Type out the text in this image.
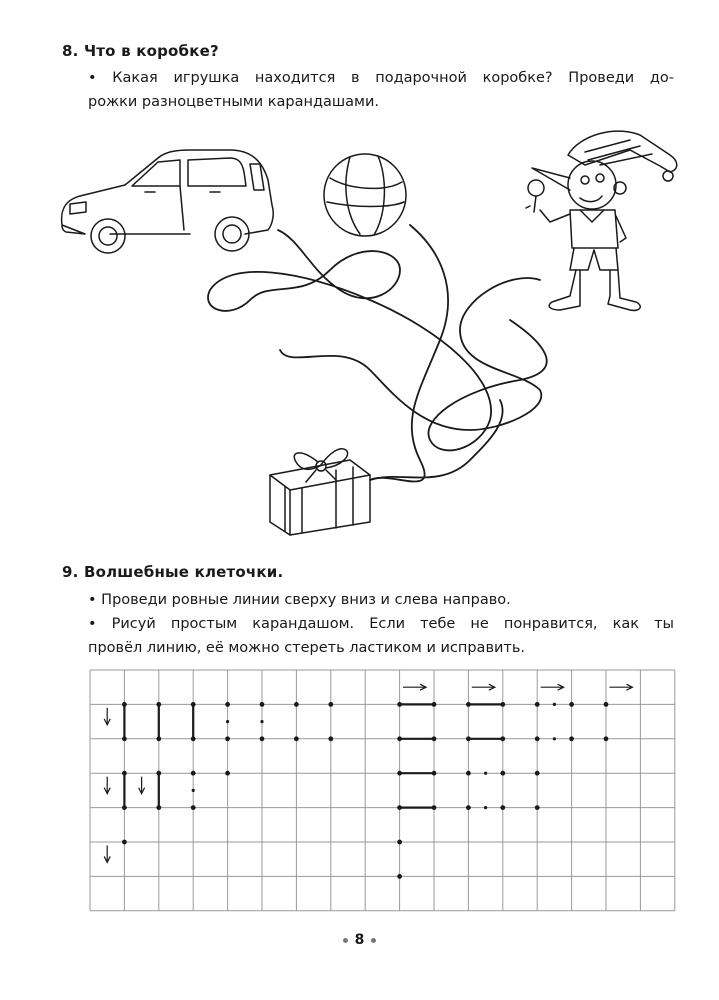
8. Что в коробке?
• Какая игрушка находится в подарочной коробке? Проведи до-
рожки разноцветными карандашами.
9. Волшебные клеточки.
• Проведи ровные линии сверху вниз и слева направо.
• Рисуй простым карандашом. Если тебе не понравится, как ты
провёл линию, её можно стереть ластиком и исправить.
8
